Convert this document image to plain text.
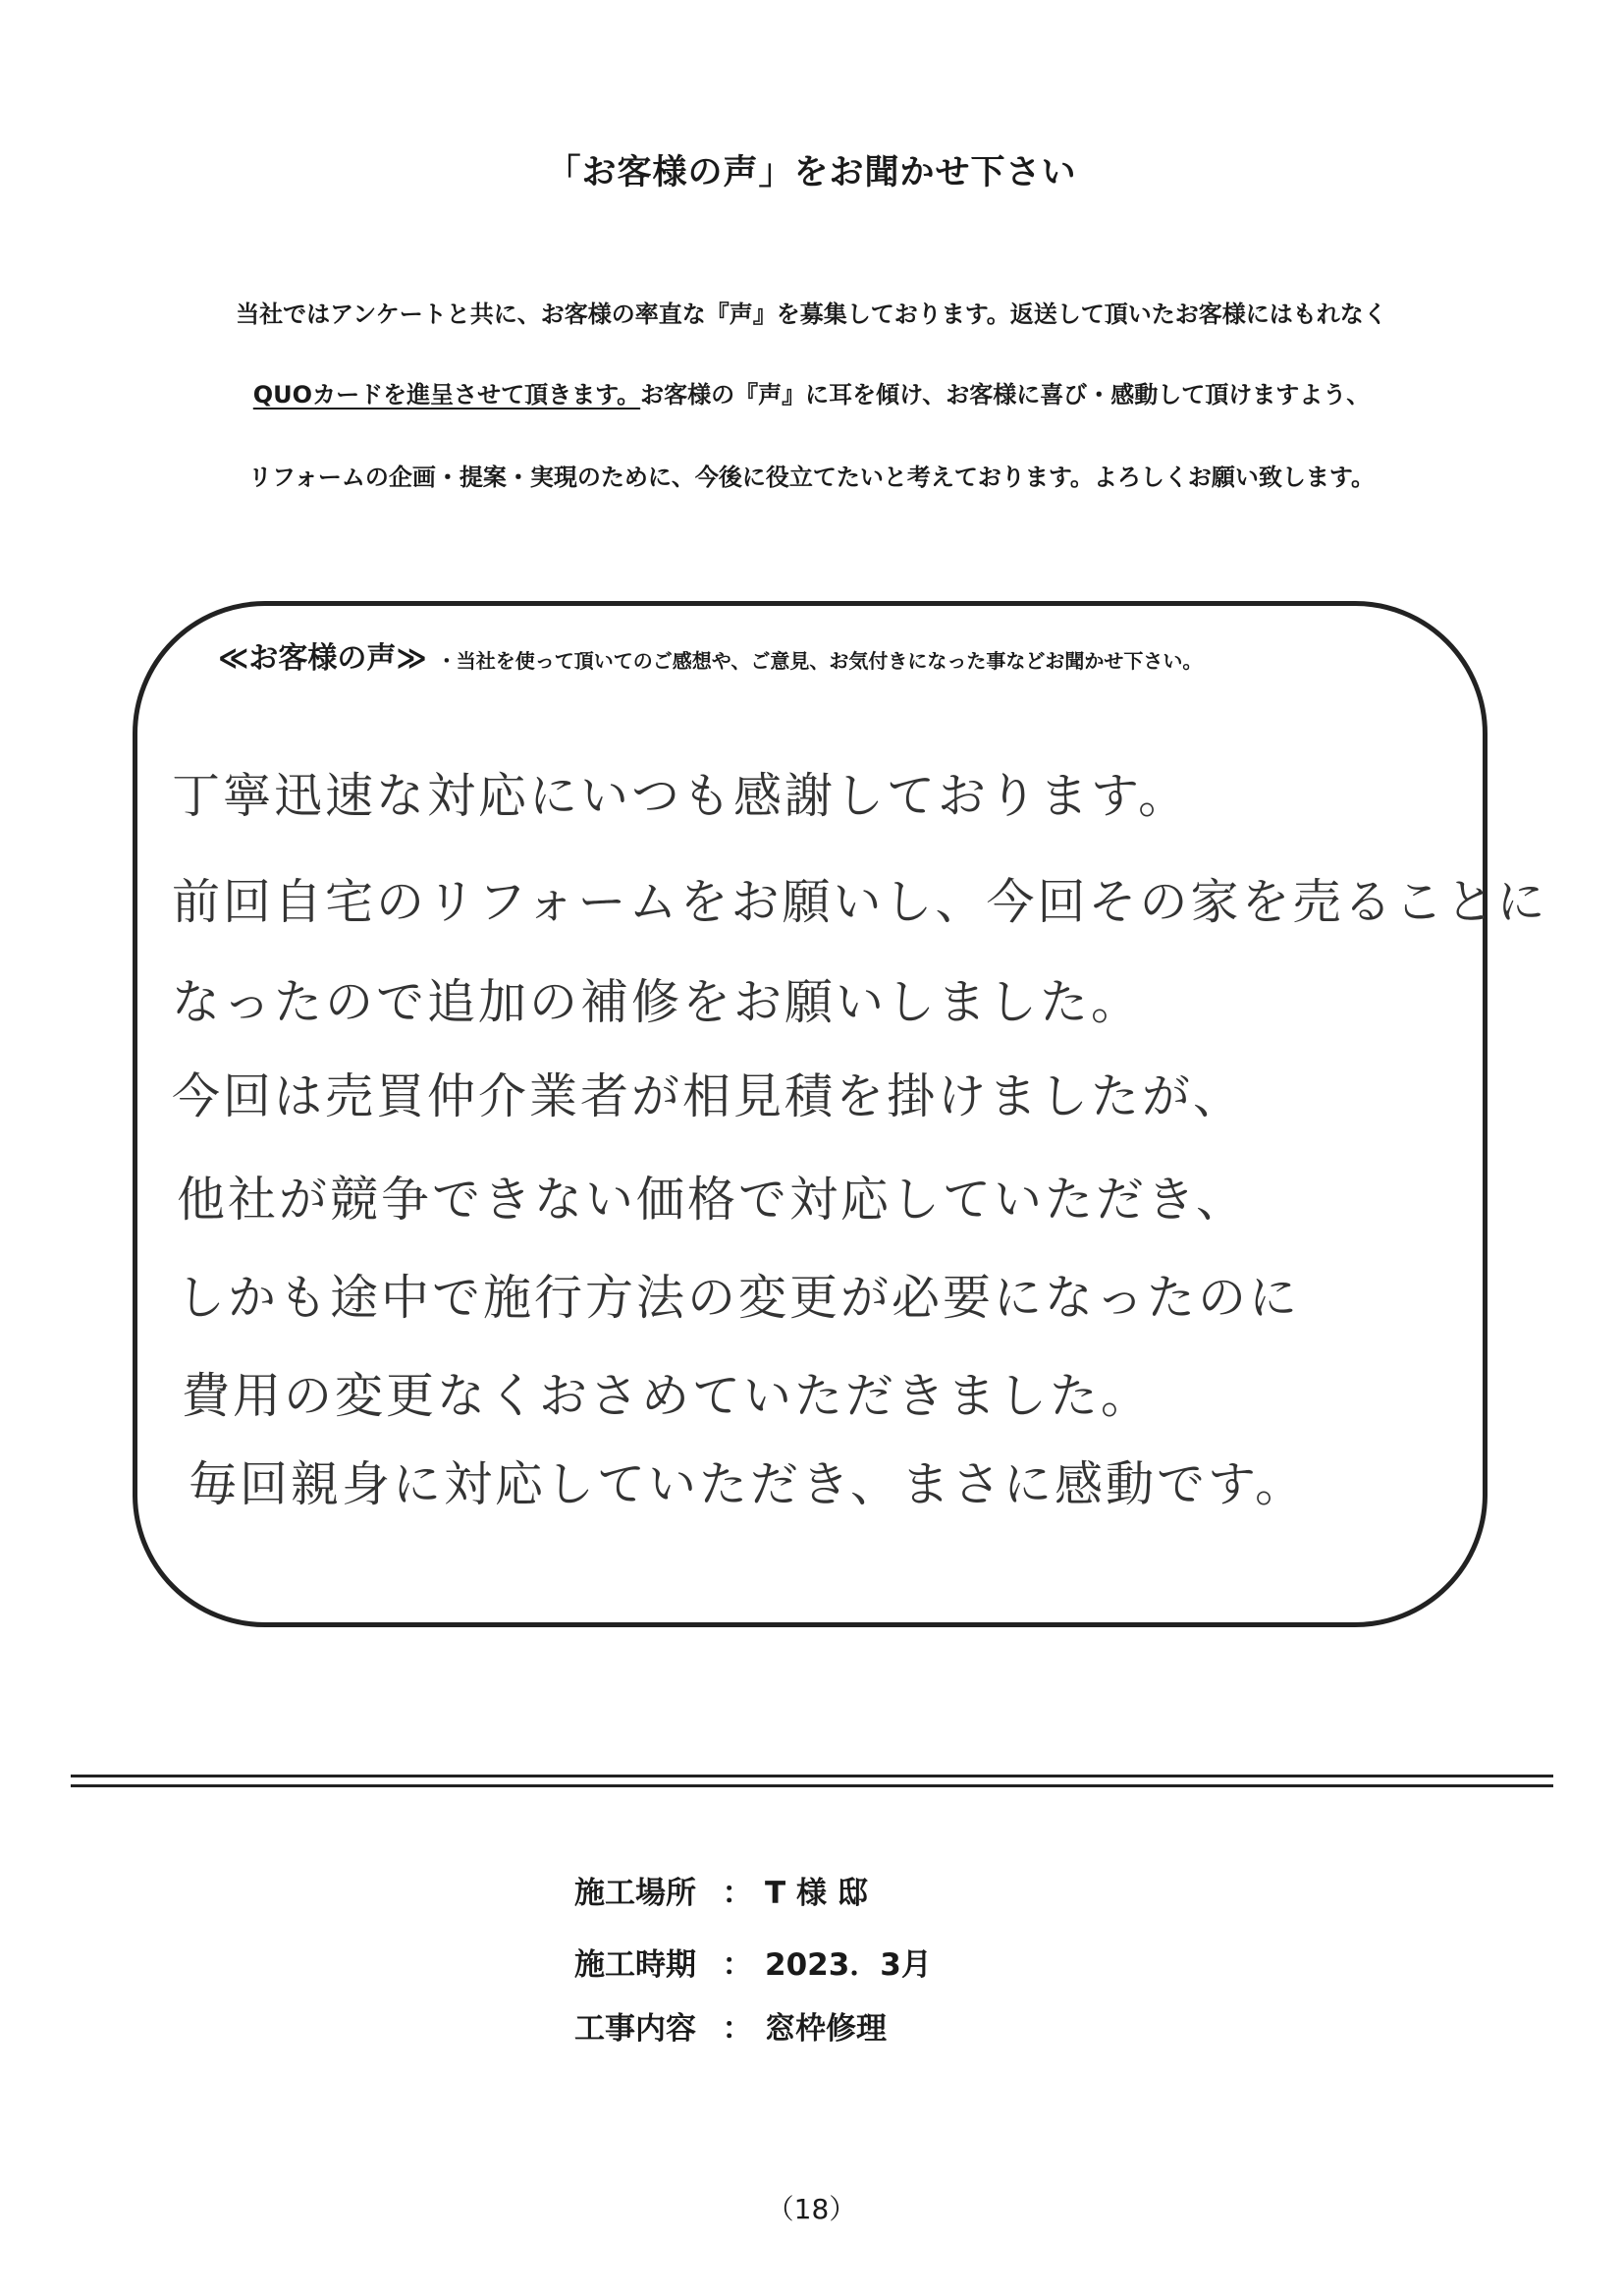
「お客様の声」をお聞かせ下さい
当社ではアンケートと共に、お客様の率直な『声』を募集しております。返送して頂いたお客様にはもれなく
QUOカードを進呈させて頂きます。お客様の『声』に耳を傾け、お客様に喜び・感動して頂けますよう、
リフォームの企画・提案・実現のために、今後に役立てたいと考えております。よろしくお願い致します。
≪お客様の声≫ ・当社を使って頂いてのご感想や、ご意見、お気付きになった事などお聞かせ下さい。
丁寧迅速な対応にいつも感謝しております。
前回自宅のリフォームをお願いし、今回その家を売ることに
なったので追加の補修をお願いしました。
今回は売買仲介業者が相見積を掛けましたが、
他社が競争できない価格で対応していただき、
しかも途中で施行方法の変更が必要になったのに
費用の変更なくおさめていただきました。
毎回親身に対応していただき、まさに感動です。
施工場所 ： T 様 邸
施工時期 ： 2023．3月
工事内容 ： 窓枠修理
（18）
